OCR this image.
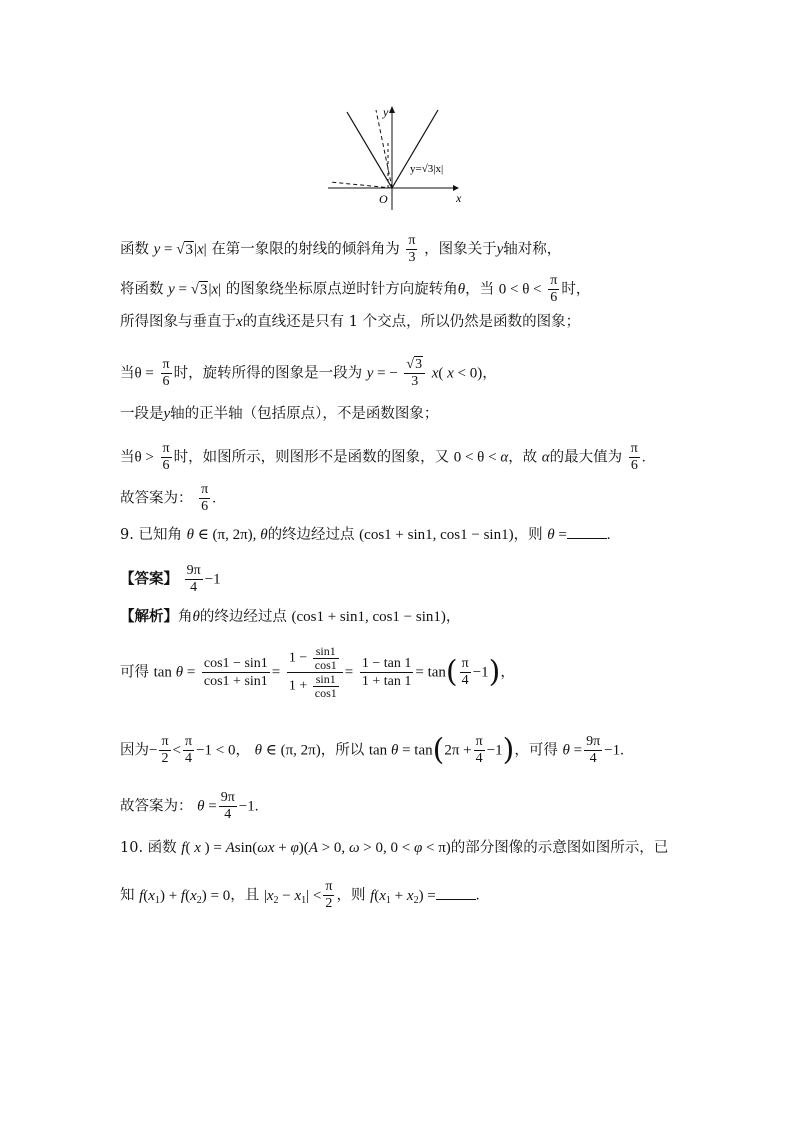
y
x
O
y=√3|x|
函数 y = √3|x| 在第一象限的射线的倾斜角为 $\frac{\pi}{3}$ ，图象关于y轴对称，
将函数 y = √3|x| 的图象绕坐标原点逆时针方向旋转角θ，当 $0 < \theta < \frac{\pi}{6}$ 时，
所得图象与垂直于x的直线还是只有 1 个交点，所以仍然是函数的图象；
当$\theta = \frac{\pi}{6}$ 时，旋转所得的图象是一段为 y = − $\frac{√3}{3} x$( x < 0)，
一段是y轴的正半轴（包括原点），不是函数图象；
当$\theta > \frac{\pi}{6}$ 时，如图所示，则图形不是函数的图象，又 0 < θ < α，故 α的最大值为 $\frac{\pi}{6}$ .
故答案为： $\frac{\pi}{6}$ .
9. 已知角 θ ∈ (π, 2π), θ的终边经过点 (cos1 + sin1, cos1 − sin1)，则 θ =	.
【答案】 $\frac{9\pi}{4} -1$
【解析】角θ的终边经过点 (cos1 + sin1, cos1 − sin1)，
可得 $\tan \theta = \frac{\cos 1 - \sin 1}{\cos 1 + \sin 1} = \frac{1 - \frac{\sin 1}{\cos 1}}{1 + \frac{\sin 1}{\cos 1}} = \frac{1 - \tan 1}{1 + \tan 1} = \tan( \frac{\pi}{4} -1)$，
因为− $\frac{\pi}{2} < \frac{\pi}{4} -1 < 0$， θ ∈ (π, 2π)，所以 $\tan \theta = \tan(2\pi + \frac{\pi}{4} -1)$，可得 $\theta = \frac{9\pi}{4} -1$.
故答案为： $\theta = \frac{9\pi}{4} -1$.
10. 函数 f( x ) = Asin(ωx + φ)(A > 0, ω > 0, 0 < φ < π)的部分图像的示意图如图所示，已
知 $f(x_1) + f(x_2) = 0$，且 $|x_2 - x_1| < \frac{\pi}{2}$ ，则 $f(x_1 + x_2)$ =	.
